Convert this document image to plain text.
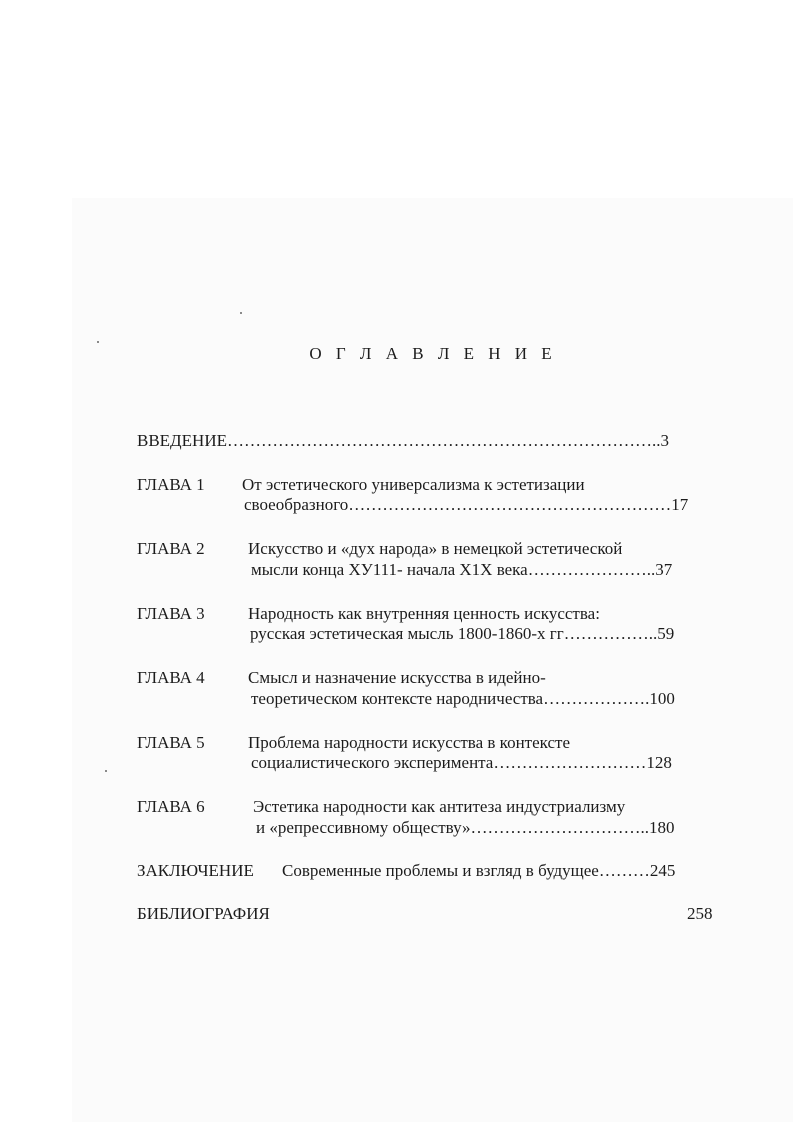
О Г Л А В Л Е Н И Е
ВВЕДЕНИЕ…………………………………………………………………..3
ГЛАВА 1 От эстетического универсализма к эстетизации
своеобразного…………………………………………………17
ГЛАВА 2	Искусство и «дух народа» в немецкой эстетической
мысли конца ХУ111- начала Х1Х века…………………..37
ГЛАВА 3	Народность как внутренняя ценность искусства:
русская эстетическая мысль 1800-1860-х гг……………..59
ГЛАВА 4	Смысл и назначение искусства в идейно-
теоретическом контексте народничества……………….100
ГЛАВА 5	Проблема народности искусства в контексте
социалистического эксперимента………………………128
ГЛАВА 6	Эстетика народности как антитеза индустриализму
и «репрессивному обществу»…………………………..180
ЗАКЛЮЧЕНИЕ Современные проблемы и взгляд в будущее………245
БИБЛИОГРАФИЯ	258
